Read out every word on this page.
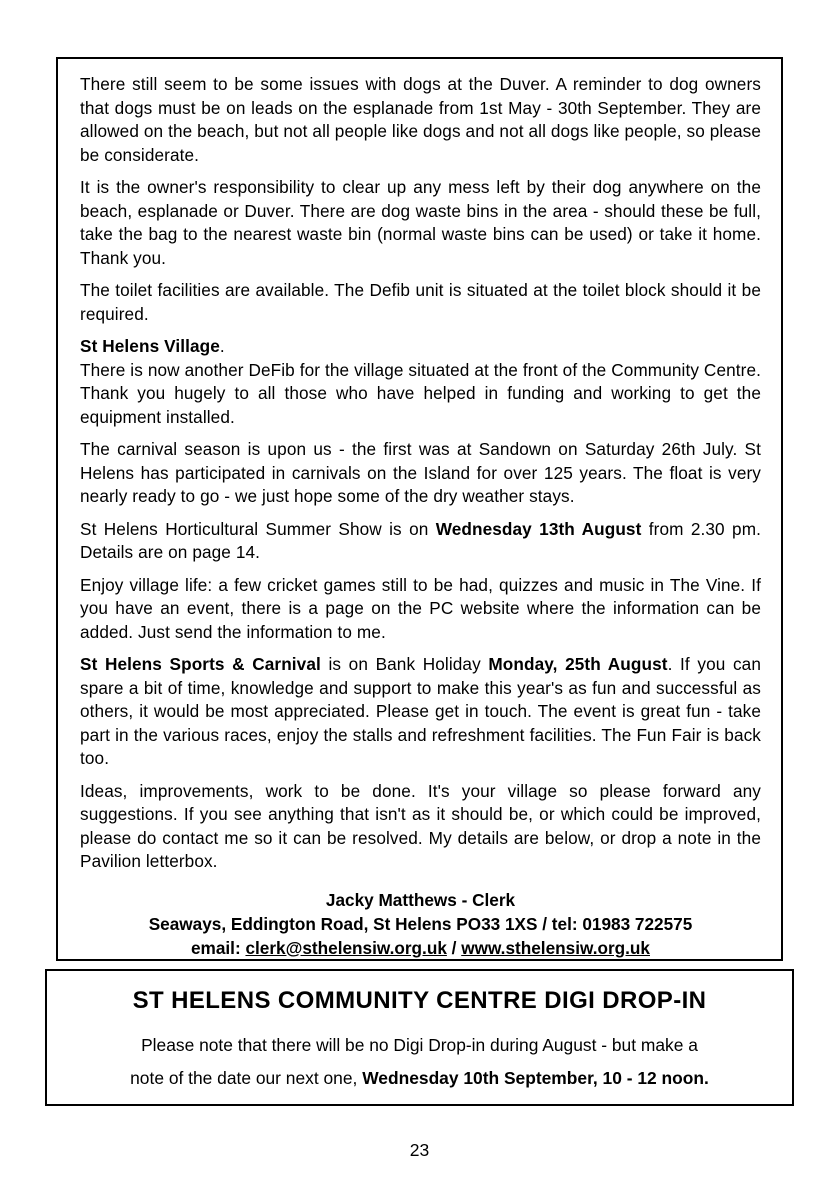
There still seem to be some issues with dogs at the Duver. A reminder to dog owners that dogs must be on leads on the esplanade from 1st May - 30th September. They are allowed on the beach, but not all people like dogs and not all dogs like people, so please be considerate.

It is the owner's responsibility to clear up any mess left by their dog anywhere on the beach, esplanade or Duver. There are dog waste bins in the area - should these be full, take the bag to the nearest waste bin (normal waste bins can be used) or take it home. Thank you.

The toilet facilities are available. The Defib unit is situated at the toilet block should it be required.

St Helens Village.

There is now another DeFib for the village situated at the front of the Community Centre. Thank you hugely to all those who have helped in funding and working to get the equipment installed.

The carnival season is upon us - the first was at Sandown on Saturday 26th July. St Helens has participated in carnivals on the Island for over 125 years. The float is very nearly ready to go - we just hope some of the dry weather stays.

St Helens Horticultural Summer Show is on Wednesday 13th August from 2.30 pm. Details are on page 14.

Enjoy village life: a few cricket games still to be had, quizzes and music in The Vine. If you have an event, there is a page on the PC website where the information can be added. Just send the information to me.

St Helens Sports & Carnival is on Bank Holiday Monday, 25th August. If you can spare a bit of time, knowledge and support to make this year's as fun and successful as others, it would be most appreciated. Please get in touch. The event is great fun - take part in the various races, enjoy the stalls and refreshment facilities. The Fun Fair is back too.

Ideas, improvements, work to be done. It's your village so please forward any suggestions. If you see anything that isn't as it should be, or which could be improved, please do contact me so it can be resolved. My details are below, or drop a note in the Pavilion letterbox.

Jacky Matthews - Clerk
Seaways, Eddington Road, St Helens PO33 1XS / tel: 01983 722575
email: clerk@sthelensiw.org.uk / www.sthelensiw.org.uk

ST HELENS COMMUNITY CENTRE DIGI DROP-IN

Please note that there will be no Digi Drop-in during August - but make a
note of the date our next one, Wednesday 10th September, 10 - 12 noon.

23
